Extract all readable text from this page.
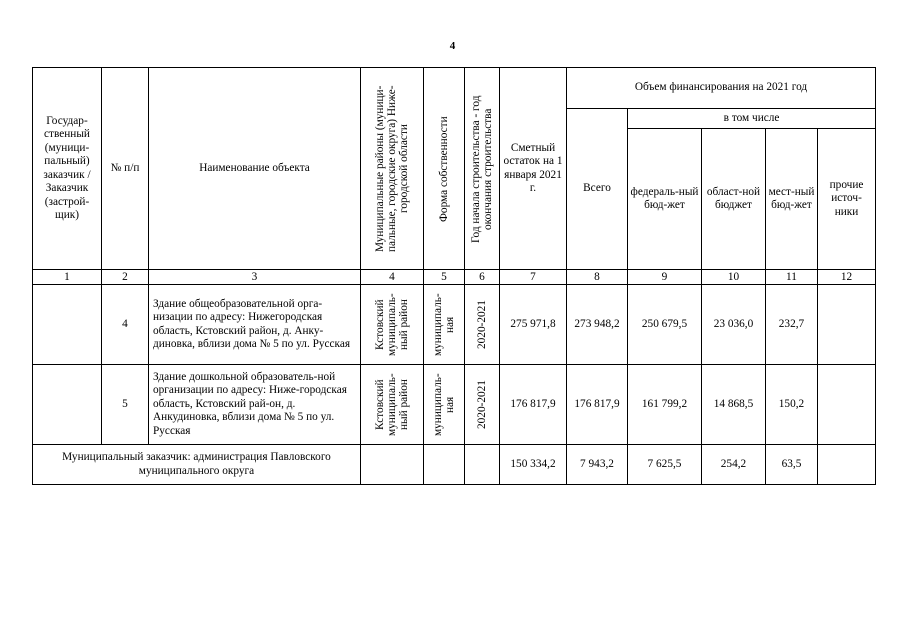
4
Государ-ственный (муници-пальный) заказчик / Заказчик (застрой-щик)	№ п/п	Наименование объекта	Муниципальные районы (муници-пальные, городские округа) Ниже-городской области	Форма собственности	Год начала строительства - год окончания строительства	Сметный остаток на 1 января 2021 г.	Объем финансирования на 2021 год				
							Всего	в том числе			
								федераль-ный бюд-жет	област-ной бюджет	мест-ный бюд-жет	прочие источ-ники
1	2	3	4	5	6	7	8	9	10	11	12
	4	Здание общеобразовательной орга-низации по адресу: Нижегородская область, Кстовский район, д. Анку-диновка, вблизи дома № 5 по ул. Русская	Кстовский муниципаль-ный район	муниципаль-ная	2020-2021	275 971,8	273 948,2	250 679,5	23 036,0	232,7	
	5	Здание дошкольной образователь-ной организации по адресу: Ниже-городская область, Кстовский рай-он, д. Анкудиновка, вблизи дома № 5 по ул. Русская	Кстовский муниципаль-ный район	муниципаль-ная	2020-2021	176 817,9	176 817,9	161 799,2	14 868,5	150,2	
Муниципальный заказчик: администрация Павловского муниципального округа						150 334,2	7 943,2	7 625,5	254,2	63,5	
